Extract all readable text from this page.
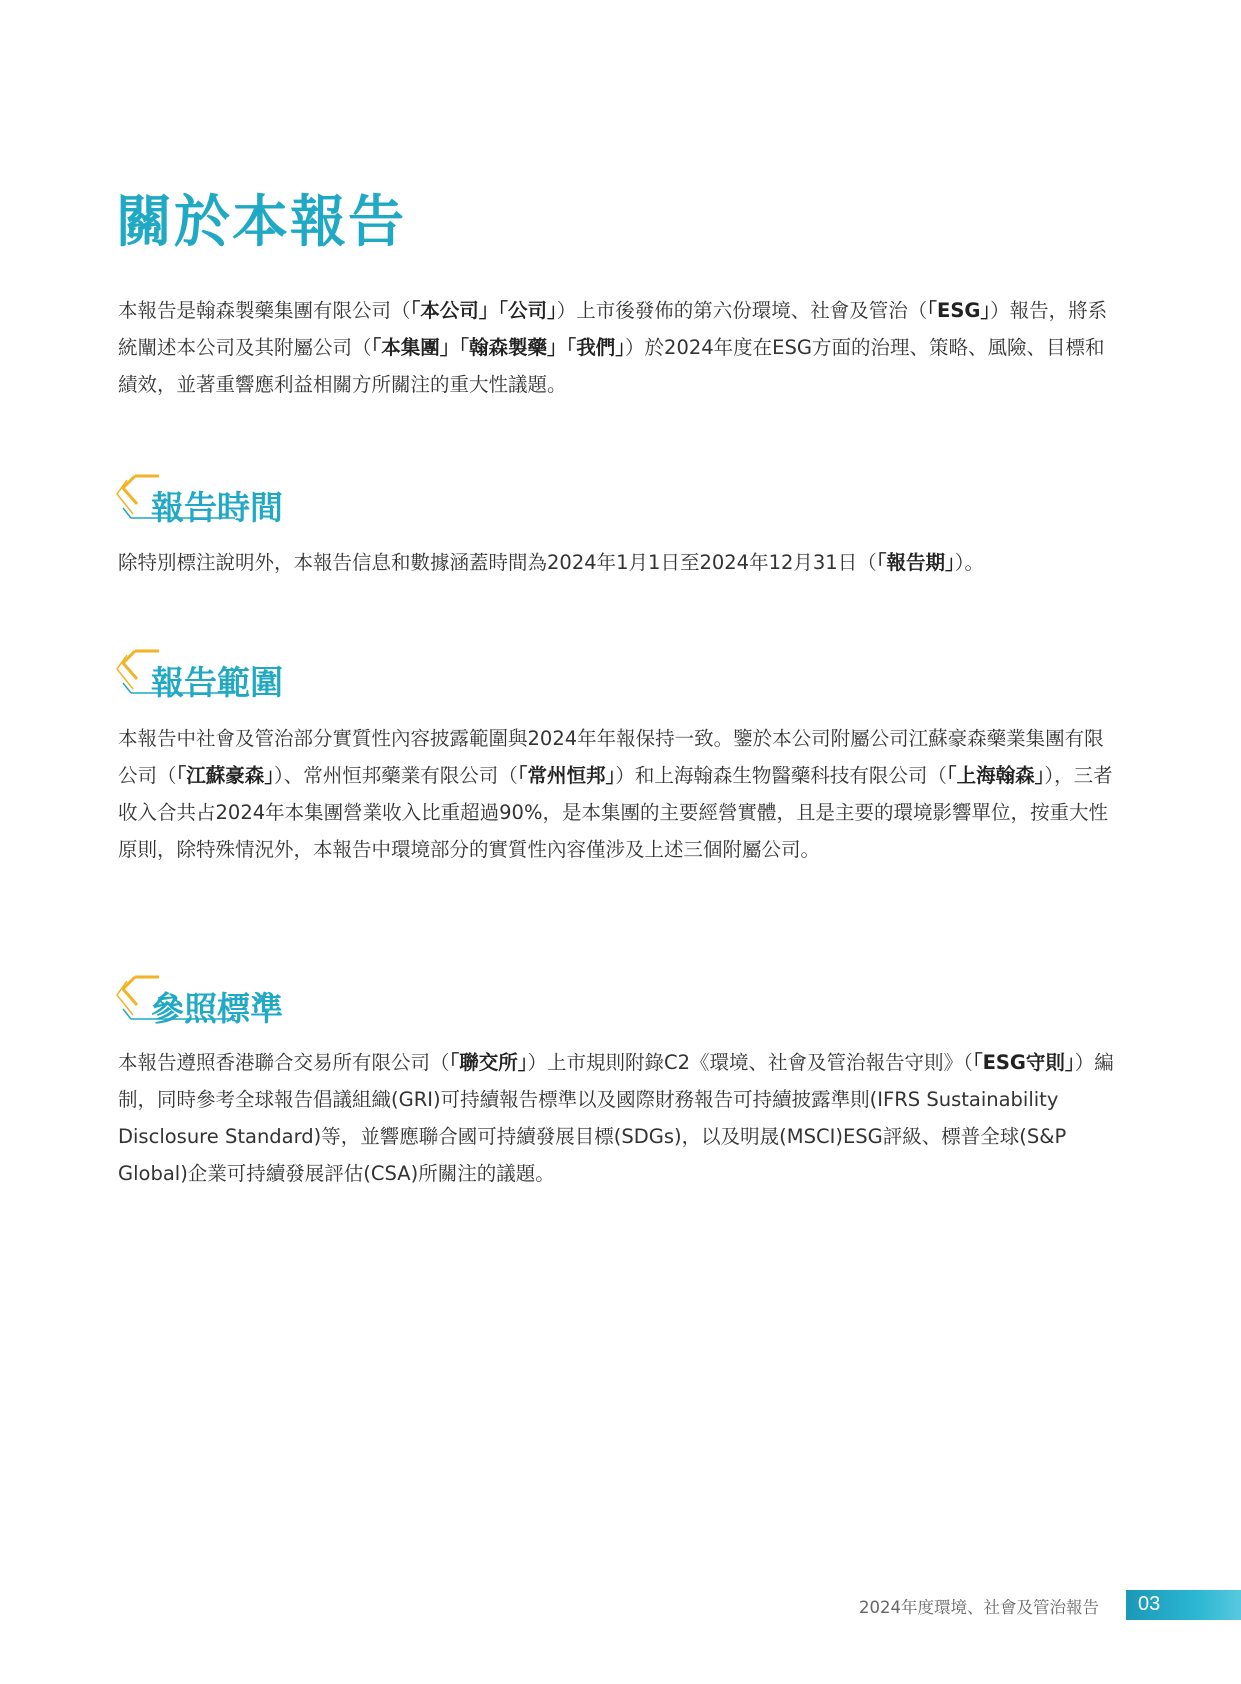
關於本報告

本報告是翰森製藥集團有限公司（「本公司」「公司」）上市後發佈的第六份環境、社會及管治（「ESG」）報告，將系統闡述本公司及其附屬公司（「本集團」「翰森製藥」「我們」）於2024年度在ESG方面的治理、策略、風險、目標和績效，並著重響應利益相關方所關注的重大性議題。

報告時間

除特別標注說明外，本報告信息和數據涵蓋時間為2024年1月1日至2024年12月31日（「報告期」）。

報告範圍

本報告中社會及管治部分實質性內容披露範圍與2024年年報保持一致。鑒於本公司附屬公司江蘇豪森藥業集團有限公司（「江蘇豪森」）、常州恒邦藥業有限公司（「常州恒邦」）和上海翰森生物醫藥科技有限公司（「上海翰森」），三者收入合共占2024年本集團營業收入比重超過90%，是本集團的主要經營實體，且是主要的環境影響單位，按重大性原則，除特殊情況外，本報告中環境部分的實質性內容僅涉及上述三個附屬公司。

參照標準

本報告遵照香港聯合交易所有限公司（「聯交所」）上市規則附錄C2《環境、社會及管治報告守則》（「ESG守則」）編制，同時參考全球報告倡議組織(GRI)可持續報告標準以及國際財務報告可持續披露準則(IFRS Sustainability Disclosure Standard)等，並響應聯合國可持續發展目標(SDGs)，以及明晟(MSCI)ESG評級、標普全球(S&P Global)企業可持續發展評估(CSA)所關注的議題。

2024年度環境、社會及管治報告 03
